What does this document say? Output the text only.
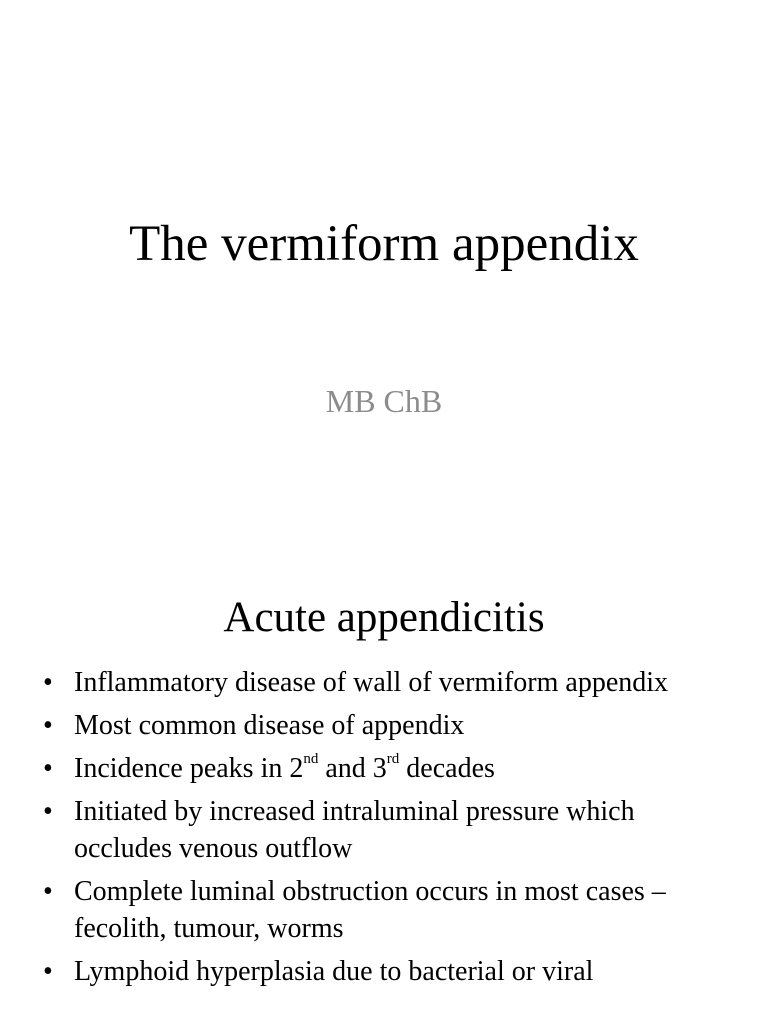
The vermiform appendix
MB ChB
Acute appendicitis
• Inflammatory disease of wall of vermiform appendix
• Most common disease of appendix
• Incidence peaks in 2nd and 3rd decades
• Initiated by increased intraluminal pressure which occludes venous outflow
• Complete luminal obstruction occurs in most cases – fecolith, tumour, worms
• Lymphoid hyperplasia due to bacterial or viral
